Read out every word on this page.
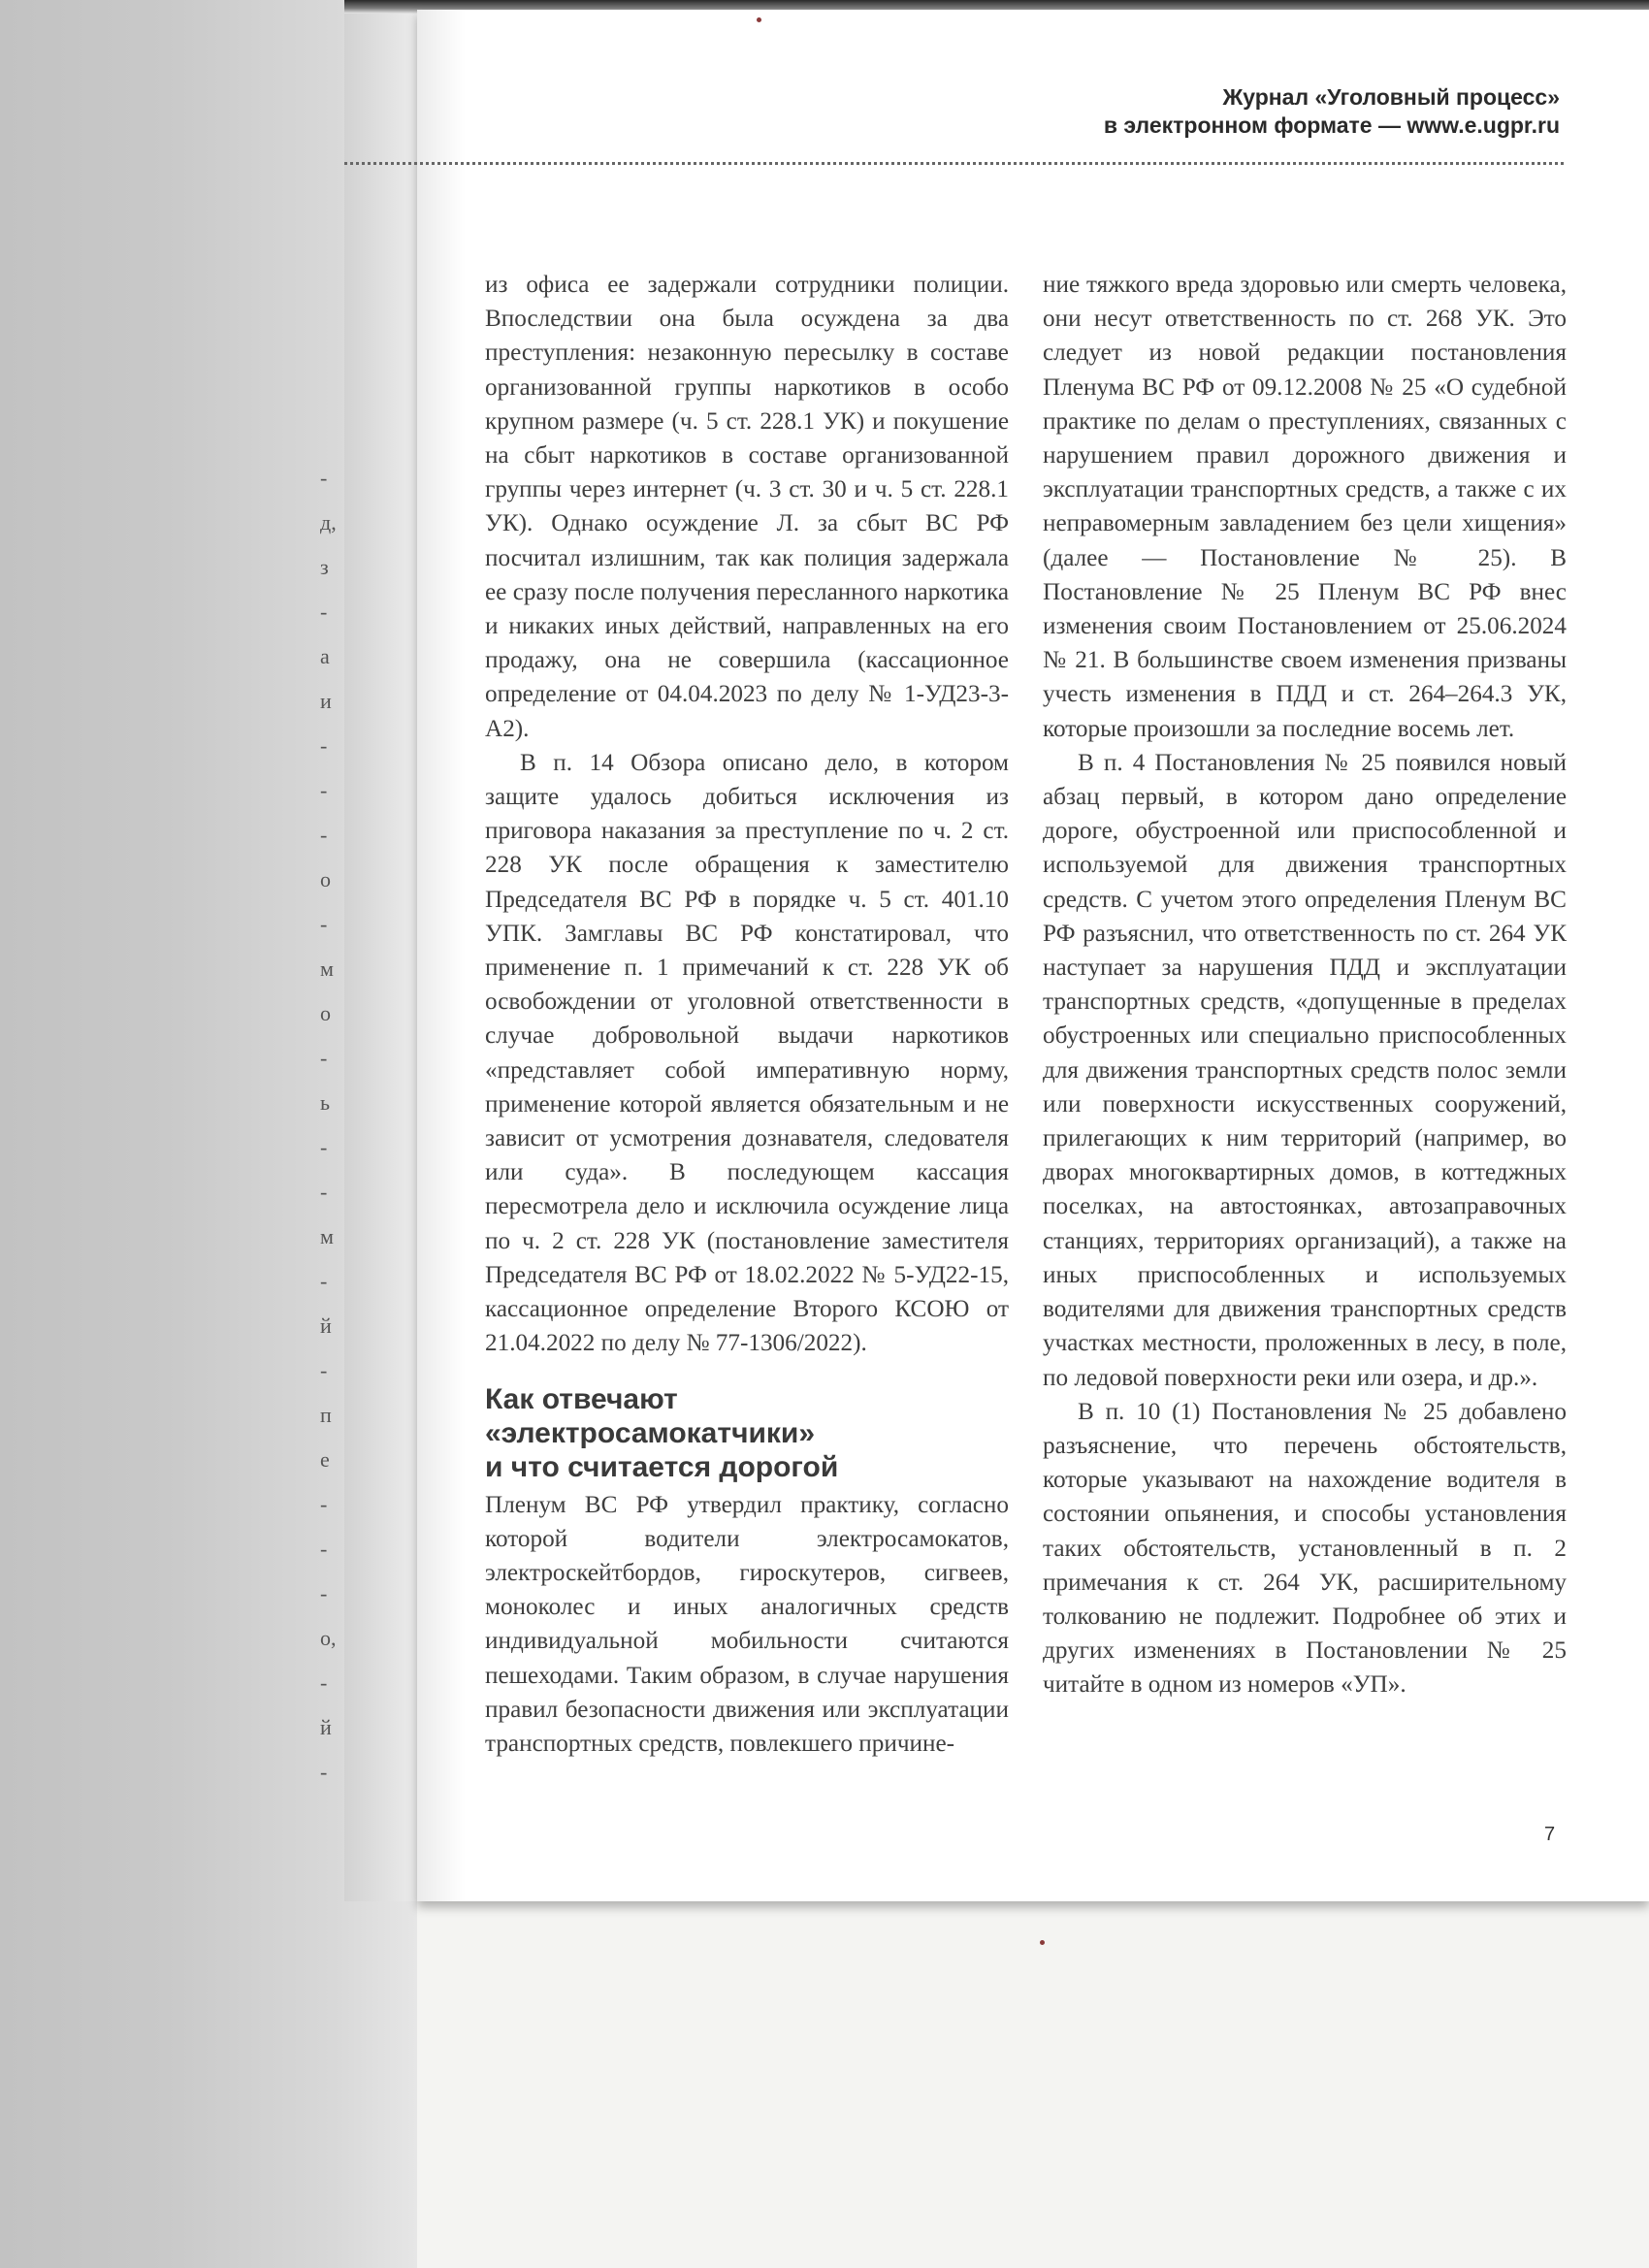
-
д,
з
-
а
и
-
-
-
о
-
м
о
-
ь
-
-
м
-
й
-
п
е
-
-
-
о,
-
й
-
Журнал «Уголовный процесс»
в электронном формате — www.e.ugpr.ru

из офиса ее задержали сотрудники полиции. Впоследствии она была осуждена за два преступления: незаконную пересылку в составе организованной группы наркотиков в особо крупном размере (ч. 5 ст. 228.1 УК) и покушение на сбыт наркотиков в составе организованной группы через интернет (ч. 3 ст. 30 и ч. 5 ст. 228.1 УК). Однако осуждение Л. за сбыт ВС РФ посчитал излишним, так как полиция задержала ее сразу после получения пересланного наркотика и никаких иных действий, направленных на его продажу, она не совершила (кассационное определение от 04.04.2023 по делу № 1-УД23-3-А2).

В п. 14 Обзора описано дело, в котором защите удалось добиться исключения из приговора наказания за преступление по ч. 2 ст. 228 УК после обращения к заместителю Председателя ВС РФ в порядке ч. 5 ст. 401.10 УПК. Замглавы ВС РФ констатировал, что применение п. 1 примечаний к ст. 228 УК об освобождении от уголовной ответственности в случае добровольной выдачи наркотиков «представляет собой императивную норму, применение которой является обязательным и не зависит от усмотрения дознавателя, следователя или суда». В последующем кассация пересмотрела дело и исключила осуждение лица по ч. 2 ст. 228 УК (постановление заместителя Председателя ВС РФ от 18.02.2022 № 5-УД22-15, кассационное определение Второго КСОЮ от 21.04.2022 по делу № 77-1306/2022).

Как отвечают
«электросамокатчики»
и что считается дорогой

Пленум ВС РФ утвердил практику, согласно которой водители электросамокатов, электроскейтбордов, гироскутеров, сигвеев, моноколес и иных аналогичных средств индивидуальной мобильности считаются пешеходами. Таким образом, в случае нарушения правил безопасности движения или эксплуатации транспортных средств, повлекшего причине-

ние тяжкого вреда здоровью или смерть человека, они несут ответственность по ст. 268 УК. Это следует из новой редакции постановления Пленума ВС РФ от 09.12.2008 № 25 «О судебной практике по делам о преступлениях, связанных с нарушением правил дорожного движения и эксплуатации транспортных средств, а также с их неправомерным завладением без цели хищения» (далее — Постановление № 25). В Постановление № 25 Пленум ВС РФ внес изменения своим Постановлением от 25.06.2024 № 21. В большинстве своем изменения призваны учесть изменения в ПДД и ст. 264–264.3 УК, которые произошли за последние восемь лет.

В п. 4 Постановления № 25 появился новый абзац первый, в котором дано определение дороге, обустроенной или приспособленной и используемой для движения транспортных средств. С учетом этого определения Пленум ВС РФ разъяснил, что ответственность по ст. 264 УК наступает за нарушения ПДД и эксплуатации транспортных средств, «допущенные в пределах обустроенных или специально приспособленных для движения транспортных средств полос земли или поверхности искусственных сооружений, прилегающих к ним территорий (например, во дворах многоквартирных домов, в коттеджных поселках, на автостоянках, автозаправочных станциях, территориях организаций), а также на иных приспособленных и используемых водителями для движения транспортных средств участках местности, проложенных в лесу, в поле, по ледовой поверхности реки или озера, и др.».

В п. 10 (1) Постановления № 25 добавлено разъяснение, что перечень обстоятельств, которые указывают на нахождение водителя в состоянии опьянения, и способы установления таких обстоятельств, установленный в п. 2 примечания к ст. 264 УК, расширительному толкованию не подлежит. Подробнее об этих и других изменениях в Постановлении № 25 читайте в одном из номеров «УП».

7
